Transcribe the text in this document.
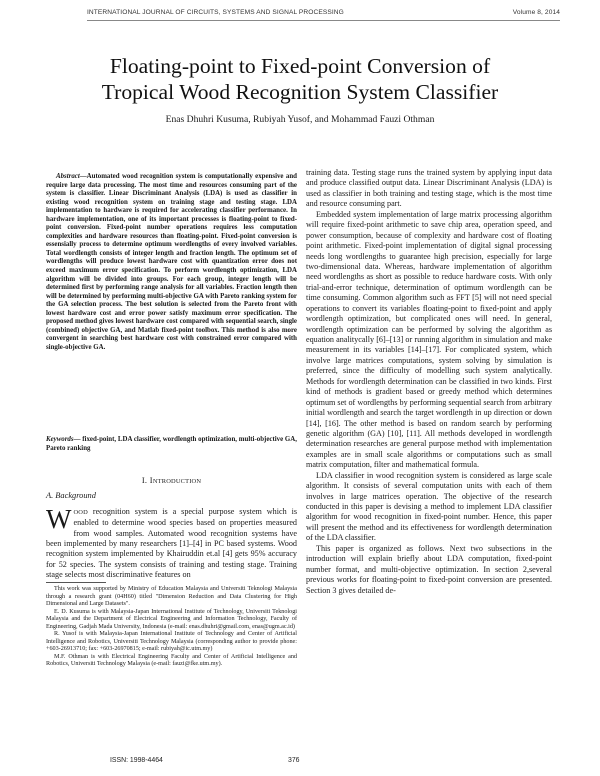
INTERNATIONAL JOURNAL OF CIRCUITS, SYSTEMS AND SIGNAL PROCESSING	Volume 8, 2014
Floating-point to Fixed-point Conversion of
Tropical Wood Recognition System Classifier
Enas Dhuhri Kusuma, Rubiyah Yusof, and Mohammad Fauzi Othman

Abstract—Automated wood recognition system is computationally expensive and require large data processing. The most time and resources consuming part of the system is classifier. Linear Discriminant Analysis (LDA) is used as classifier in existing wood recognition system on training stage and testing stage. LDA implementation to hardware is required for accelerating classifier performance. In hardware implementation, one of its important processes is floating-point to fixed-point conversion. Fixed-point number operations requires less computation complexities and hardware resources than floating-point. Fixed-point conversion is essensially process to determine optimum wordlengths of every involved variables. Total wordlength consists of integer length and fraction length. The optimum set of wordlengths will produce lowest hardware cost with quantization error does not exceed maximum error specification. To perform wordlength optimization, LDA algorithm will be divided into groups. For each group, integer length will be determined first by performing range analysis for all variables. Fraction length then will be determined by performing multi-objective GA with Pareto ranking system for the GA selection process. The best solution is selected from the Pareto front with lowest hardware cost and error power satisfy maximum error specification. The proposed method gives lowest hardware cost compared with sequential search, single (combined) objective GA, and Matlab fixed-point toolbox. This method is also more convergent in searching best hardware cost with constrained error compared with single-objective GA.

Keywords— fixed-point, LDA classifier, wordlength optimization, multi-objective GA, Pareto ranking

I. INTRODUCTION
A. Background

WOOD recognition system is a special purpose system which is enabled to determine wood species based on properties measured from wood samples. Automated wood recognition systems have been implemented by many researchers [1]–[4] in PC based systems. Wood recognition system implemented by Khairuddin et.al [4] gets 95% accuracy for 52 species. The system consists of training and testing stage. Training stage selects most discriminative features on

This work was supported by Ministry of Education Malaysia and Universiti Teknologi Malaysia through a research grant (04H60) titled "Dimension Reduction and Data Clustering for High Dimensional and Large Datasets".

E. D. Kusuma is with Malaysia-Japan International Institute of Technology, Universiti Teknologi Malaysia and the Department of Electrical Engineering and Information Technology, Faculty of Engineering, Gadjah Mada University, Indonesia (e-mail: enas.dhuhri@gmail.com, enas@ugm.ac.id)

R. Yusof is with Malaysia-Japan International Institute of Technology and Center of Artificial Intelligence and Robotics, Universiti Technology Malaysia (corresponding author to provide phone: +603-26913710; fax: +603-26970815; e-mail: rubiyah@ic.utm.my)

M.F. Othman is with Electrical Engineering Faculty and Center of Artificial Intelligence and Robotics, Universiti Technology Malaysia (e-mail: fauzi@fke.utm.my).

training data. Testing stage runs the trained system by applying input data and produce classified output data. Linear Discriminant Analysis (LDA) is used as classifier in both training and testing stage, which is the most time and resource consuming part.

Embedded system implementation of large matrix processing algorithm will require fixed-point arithmetic to save chip area, operation speed, and power consumption, because of complexity and hardware cost of floating point arithmetic. Fixed-point implementation of digital signal processing needs long wordlengths to guarantee high precision, especially for large two-dimensional data. Whereas, hardware implementation of algorithm need wordlengths as short as possible to reduce hardware costs. With only trial-and-error technique, determination of optimum wordlength can be time consuming. Common algorithm such as FFT [5] will not need special operations to convert its variables floating-point to fixed-point and apply wordlength optimization, but complicated ones will need. In general, wordlength optimization can be performed by solving the algorithm as equation analitycally [6]–[13] or running algorithm in simulation and make measurement in its variables [14]–[17]. For complicated system, which involve large matrices computations, system solving by simulation is preferred, since the difficulty of modelling such system analytically. Methods for wordlength determination can be classified in two kinds. First kind of methods is gradient based or greedy method which determines optimum set of wordlengths by performing sequential search from arbitrary initial wordlength and search the target wordlength in up direction or down [14], [16]. The other method is based on random search by performing genetic algorithm (GA) [10], [11]. All methods developed in wordlength determination researches are general purpose method with implementation examples are in small scale algorithms or computations such as small matrix computation, filter and mathematical formula.

LDA classifier in wood recognition system is considered as large scale algorithm. It consists of several computation units with each of them involves in large matrices operation. The objective of the research conducted in this paper is devising a method to implement LDA classifier algorithm for wood recognition in fixed-point number. Hence, this paper will present the method and its effectiveness for wordlength determination of the LDA classifier.

This paper is organized as follows. Next two subsections in the introduction will explain briefly about LDA computation, fixed-point number format, and multi-objective optimization. In section 2,several previous works for floating-point to fixed-point conversion are presented. Section 3 gives detailed de-

ISSN: 1998-4464	376
